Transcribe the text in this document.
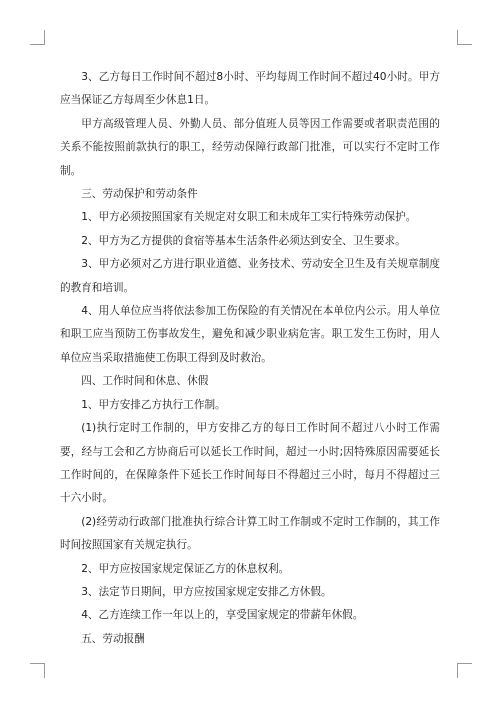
3、乙方每日工作时间不超过8小时、平均每周工作时间不超过40小时。甲方应当保证乙方每周至少休息1日。

甲方高级管理人员、外勤人员、部分值班人员等因工作需要或者职责范围的关系不能按照前款执行的职工，经劳动保障行政部门批准，可以实行不定时工作制。

三、劳动保护和劳动条件

1、甲方必须按照国家有关规定对女职工和未成年工实行特殊劳动保护。

2、甲方为乙方提供的食宿等基本生活条件必须达到安全、卫生要求。

3、甲方必须对乙方进行职业道德、业务技术、劳动安全卫生及有关规章制度的教育和培训。

4、用人单位应当将依法参加工伤保险的有关情况在本单位内公示。用人单位和职工应当预防工伤事故发生，避免和减少职业病危害。职工发生工伤时，用人单位应当采取措施使工伤职工得到及时救治。

四、工作时间和休息、休假

1、甲方安排乙方执行工作制。

(1)执行定时工作制的，甲方安排乙方的每日工作时间不超过八小时工作需要，经与工会和乙方协商后可以延长工作时间，超过一小时;因特殊原因需要延长工作时间的，在保障条件下延长工作时间每日不得超过三小时，每月不得超过三十六小时。

(2)经劳动行政部门批准执行综合计算工时工作制或不定时工作制的，其工作时间按照国家有关规定执行。

2、甲方应按国家规定保证乙方的休息权利。

3、法定节日期间，甲方应按国家规定安排乙方休假。

4、乙方连续工作一年以上的，享受国家规定的带薪年休假。

五、劳动报酬
